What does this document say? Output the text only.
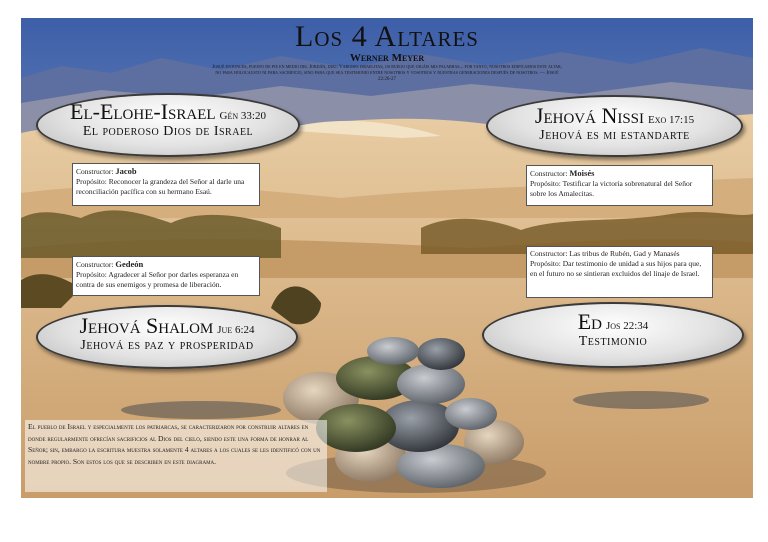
Los 4 Altares
Werner Meyer
Josué entonces, puesto de pie en medio del Jordán, dijo: Varones israelitas, os ruego que oigáis mis palabras... por tanto, nosotros edificamos este altar, no para holocausto ni para sacrificio, sino para que sea testimonio entre nosotros y vosotros y nuestras generaciones después de nosotros. — Josué 22:26-27
El-Elohe-Israel Gén 33:20
El poderoso Dios de Israel
Constructor: Jacob
Propósito: Reconocer la grandeza del Señor al darle una reconciliación pacífica con su hermano Esaú.
Jehová Nissi Exo 17:15
Jehová es mi estandarte
Constructor: Moisés
Propósito: Testificar la victoria sobrenatural del Señor sobre los Amalecitas.
Jehová Shalom Jue 6:24
Jehová es paz y prosperidad
Constructor: Gedeón
Propósito: Agradecer al Señor por darles esperanza en contra de sus enemigos y promesa de liberación.
Ed Jos 22:34
Testimonio
Constructor: Las tribus de Rubén, Gad y Manasés
Propósito: Dar testimonio de unidad a sus hijos para que, en el futuro no se sintieran excluidos del linaje de Israel.
El pueblo de Israel y especialmente los patriarcas, se caracterizaron por construir altares en donde regularmente ofrecían sacrificios al Dios del cielo, siendo este una forma de honrar al Señor; sin, embargo la escritura muestra solamente 4 altares a los cuales se les identificó con un nombre propio. Son estos los que se describen en este diagrama.
